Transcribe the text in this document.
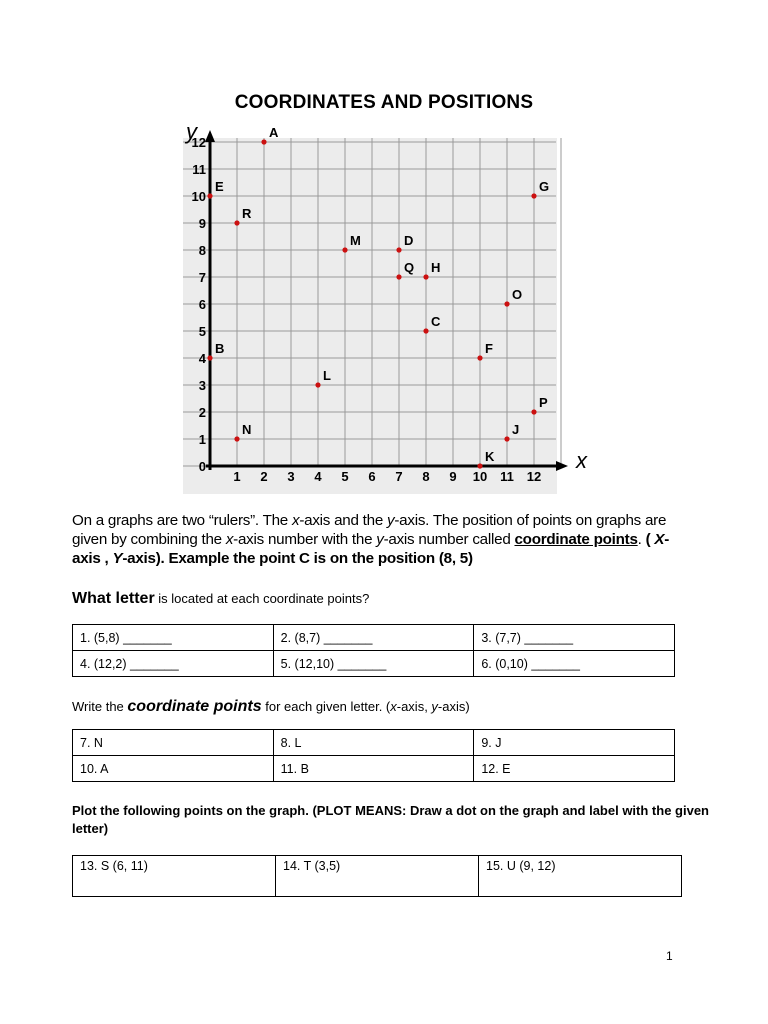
COORDINATES AND POSITIONS
y
x
1 2 3 4 5 6 7 8 9 10 11 12
0
1
2
3
4
5
6
7
8
9
10
11
12
A
E	G
R
M	D
Q H
O
C
B	F
L
P
N	J
K
On a graphs are two “rulers”. The x-axis and the y-axis. The position of points on graphs are given by combining the x-axis number with the y-axis number called coordinate points. ( X-axis , Y-axis). Example the point C is on the position (8, 5)
What letter is located at each coordinate points?
1. (5,8) _______	2. (8,7) _______	3. (7,7) _______
4. (12,2) _______	5. (12,10) _______	6. (0,10) _______
Write the coordinate points for each given letter. (x-axis, y-axis)
7. N	8. L	9. J
10. A	11. B	12. E
Plot the following points on the graph. (PLOT MEANS: Draw a dot on the graph and label with the given letter)
13. S (6, 11)	14. T (3,5)	15. U (9, 12)
1
